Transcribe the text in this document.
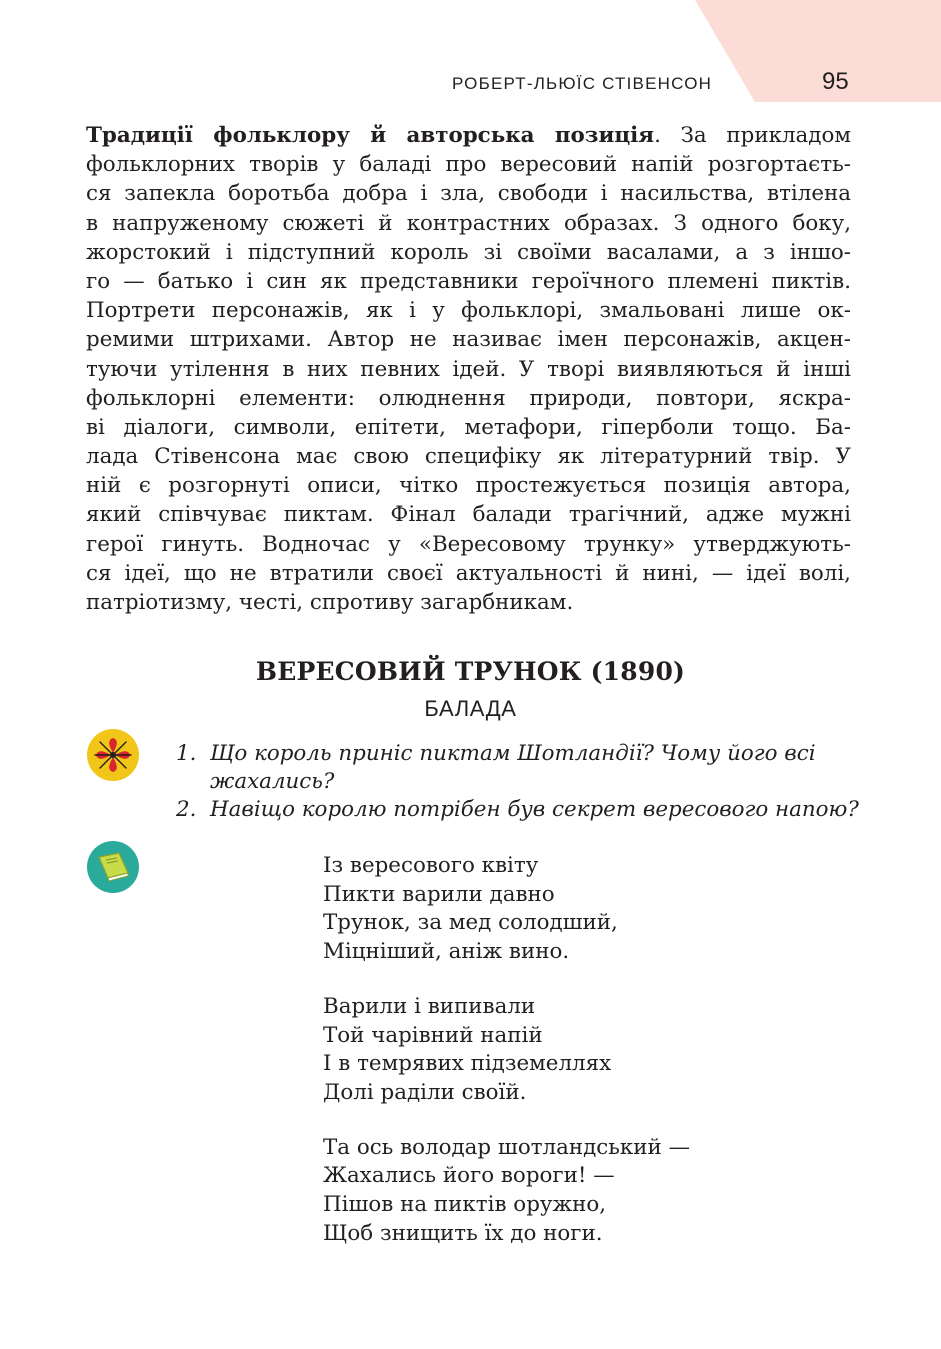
РОБЕРТ-ЛЬЮЇС СТІВЕНСОН	95
Традиції фольклору й авторська позиція. За прикладом
фольклорних творів у баладі про вересовий напій розгортаєть-
ся запекла боротьба добра і зла, свободи і насильства, втілена
в напруженому сюжеті й контрастних образах. З одного боку,
жорстокий і підступний король зі своїми васалами, а з іншо-
го — батько і син як представники героїчного племені пиктів.
Портрети персонажів, як і у фольклорі, змальовані лише ок-
ремими штрихами. Автор не називає імен персонажів, акцен-
туючи утілення в них певних ідей. У творі виявляються й інші
фольклорні елементи: олюднення природи, повтори, яскра-
ві діалоги, символи, епітети, метафори, гіперболи тощо. Ба-
лада Стівенсона має свою специфіку як літературний твір. У
ній є розгорнуті описи, чітко простежується позиція автора,
який співчуває пиктам. Фінал балади трагічний, адже мужні
герої гинуть. Водночас у «Вересовому трунку» утверджують-
ся ідеї, що не втратили своєї актуальності й нині, — ідеї волі,
патріотизму, честі, спротиву загарбникам.
ВЕРЕСОВИЙ ТРУНОК (1890)
БАЛАДА
1. Що король приніс пиктам Шотландії? Чому його всі
жахались?
2. Навіщо королю потрібен був секрет вересового напою?
Із вересового квіту
Пикти варили давно
Трунок, за мед солодший,
Міцніший, аніж вино.
Варили і випивали
Той чарівний напій
І в темрявих підземеллях
Долі раділи своїй.
Та ось володар шотландський —
Жахались його вороги! —
Пішов на пиктів оружно,
Щоб знищить їх до ноги.
